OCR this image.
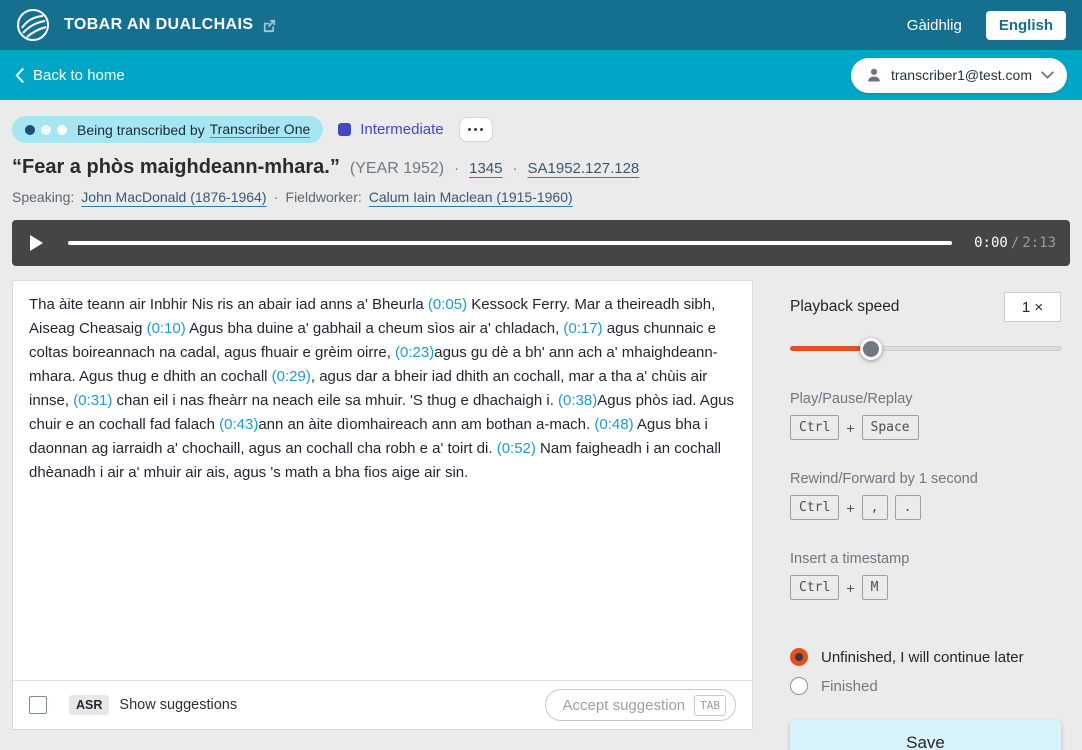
TOBAR AN DUALCHAIS	Gàidhlig	English
Back to home	transcriber1@test.com
Being transcribed by Transcriber One	Intermediate
“Fear a phòs maighdeann-mhara.” (YEAR 1952) · 1345 · SA1952.127.128
Speaking: John MacDonald (1876-1964) · Fieldworker: Calum Iain Maclean (1915-1960)
0:00 / 2:13
Tha àite teann air Inbhir Nis ris an abair iad anns a' Bheurla (0:05) Kessock Ferry. Mar a theireadh sibh, Aiseag Cheasaig (0:10) Agus bha duine a' gabhail a cheum sìos air a' chladach, (0:17) agus chunnaic e coltas boireannach na cadal, agus fhuair e grèim oirre, (0:23)agus gu dè a bh' ann ach a' mhaighdeann-mhara. Agus thug e dhith an cochall (0:29), agus dar a bheir iad dhith an cochall, mar a tha a' chùis air innse, (0:31) chan eil i nas fheàrr na neach eile sa mhuir. 'S thug e dhachaigh i. (0:38)Agus phòs iad. Agus chuir e an cochall fad falach (0:43)ann an àite dìomhaireach ann am bothan a-mach. (0:48) Agus bha i daonnan ag iarraidh a' chochaill, agus an cochall cha robh e a' toirt di. (0:52) Nam faigheadh i an cochall dhèanadh i air a' mhuir air ais, agus 's math a bha fios aige air sin.
ASR	Show suggestions	Accept suggestion	TAB
Playback speed	1 ×
Play/Pause/Replay
Ctrl	+	Space
Rewind/Forward by 1 second
Ctrl	+	,	.
Insert a timestamp
Ctrl	+	M
Unfinished, I will continue later
Finished
Save
